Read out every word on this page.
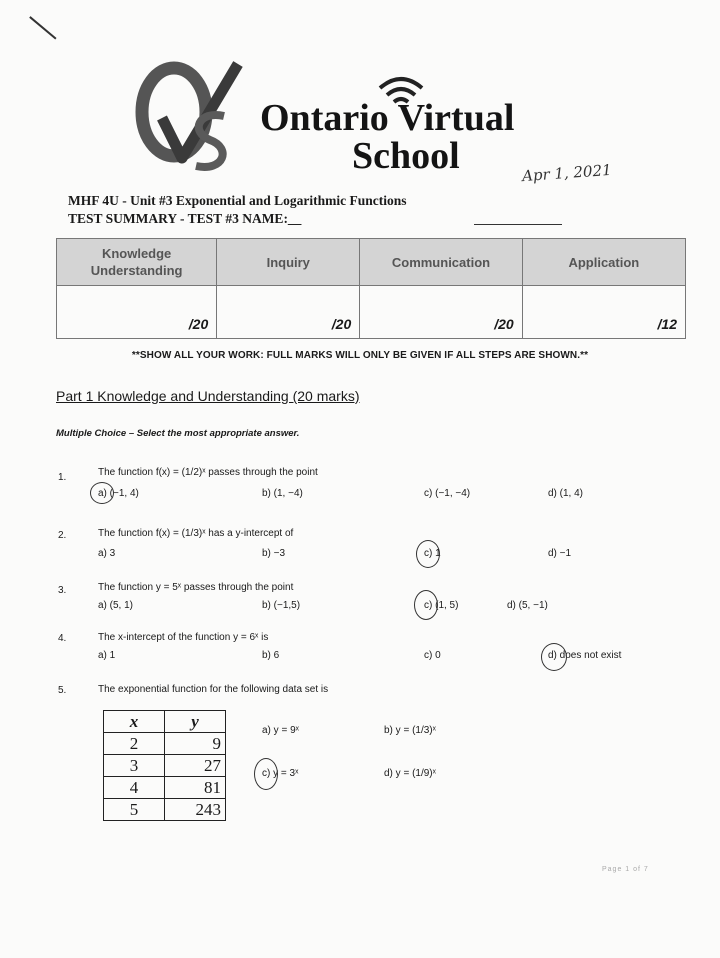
Ontario Virtual
School	Apr 1, 2021
MHF 4U - Unit #3 Exponential and Logarithmic Functions
TEST SUMMARY - TEST #3 NAME:__
Knowledge Understanding	Inquiry	Communication	Application
/20	/20	/20	/12
**SHOW ALL YOUR WORK: FULL MARKS WILL ONLY BE GIVEN IF ALL STEPS ARE SHOWN.**
Part 1 Knowledge and Understanding (20 marks)
Multiple Choice – Select the most appropriate answer.
1.	The function f(x) = (1/2)ˣ passes through the point
a) (−1, 4)	b) (1, −4)	c) (−1, −4)	d) (1, 4)
2.	The function f(x) = (1/3)ˣ has a y-intercept of
a) 3	b) −3	c) 1	d) −1
3.	The function y = 5ˣ passes through the point
a) (5, 1)	b) (−1,5)	c) (1, 5)	d) (5, −1)
4.	The x-intercept of the function y = 6ˣ is
a) 1	b) 6	c) 0	d) does not exist
5.	The exponential function for the following data set is
a) y = 9ˣ	b) y = (1/3)ˣ
c) y = 3ˣ	d) y = (1/9)ˣ
x	y
2	9
3	27
4	81
5	243
Page 1 of 7
